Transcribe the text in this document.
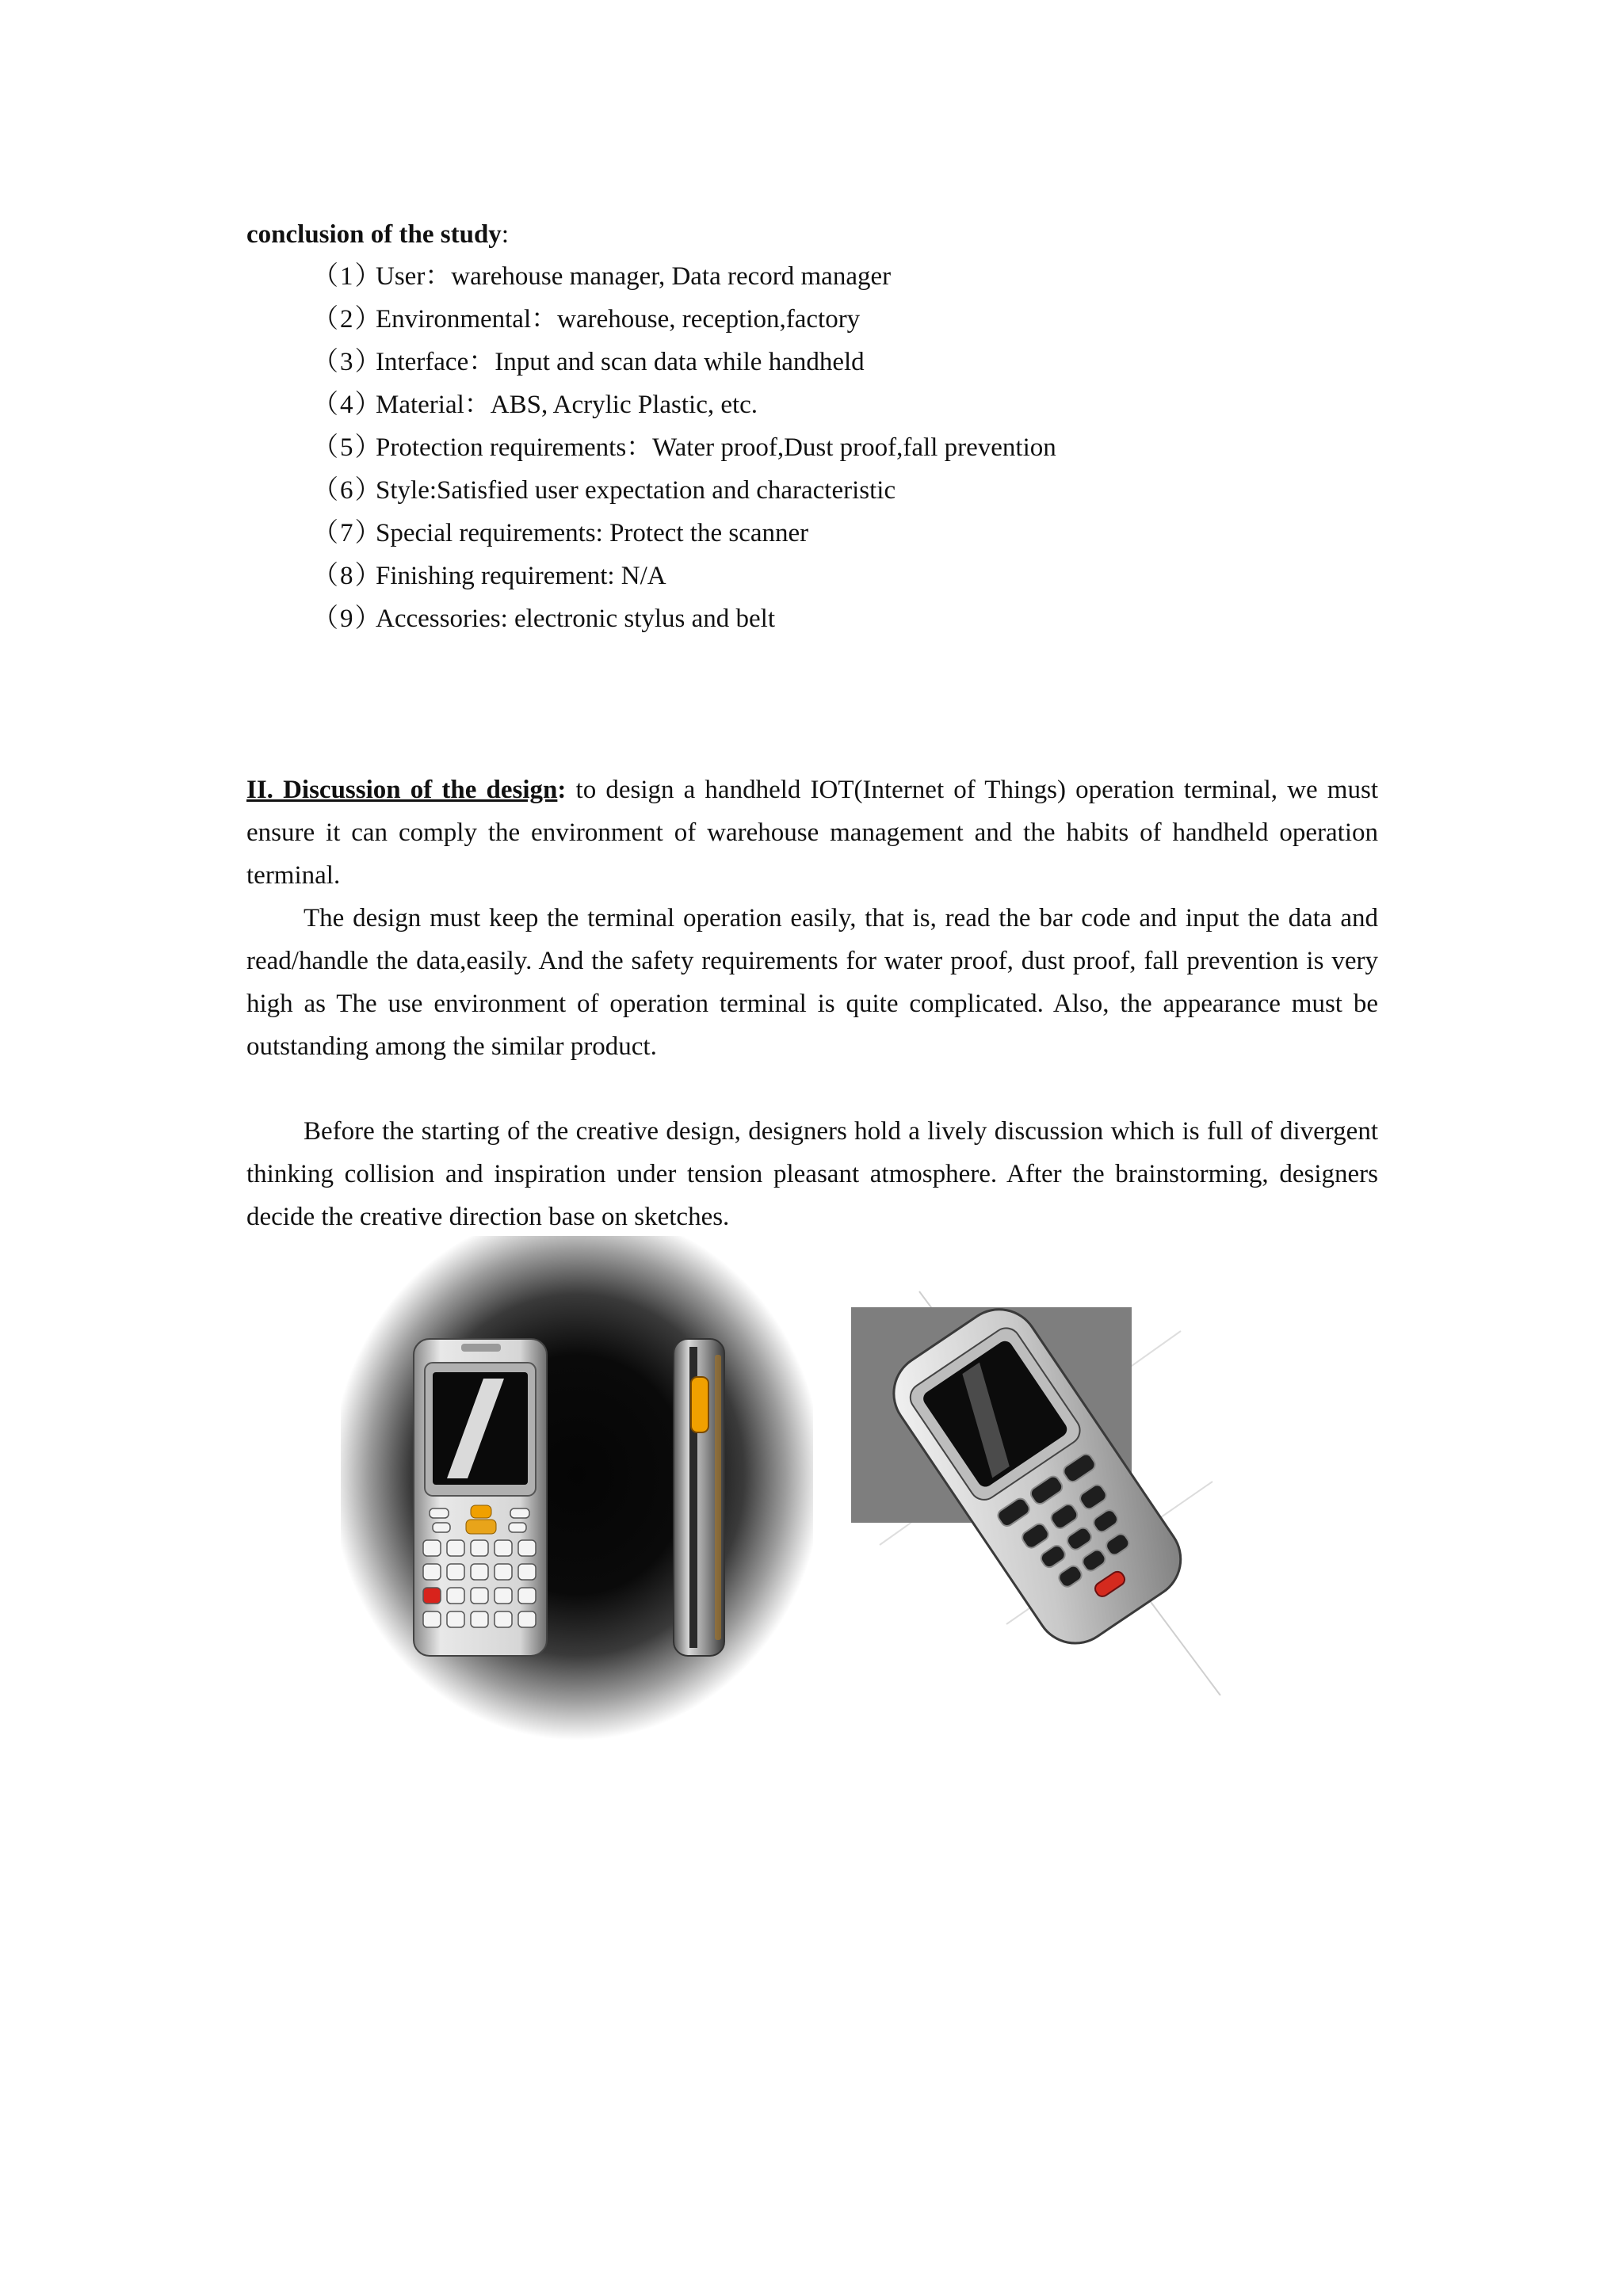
conclusion of the study:
（1）User：warehouse manager, Data record manager
（2）Environmental：warehouse, reception,factory
（3）Interface：Input and scan data while handheld
（4）Material：ABS, Acrylic Plastic, etc.
（5）Protection requirements：Water proof,Dust proof,fall prevention
（6）Style:Satisfied user expectation and characteristic
（7）Special requirements: Protect the scanner
（8）Finishing requirement: N/A
（9）Accessories: electronic stylus and belt

II. Discussion of the design: to design a handheld IOT(Internet of Things) operation terminal, we must ensure it can comply the environment of warehouse management and the habits of handheld operation terminal.

The design must keep the terminal operation easily, that is, read the bar code and input the data and read/handle the data,easily. And the safety requirements for water proof, dust proof, fall prevention is very high as The use environment of operation terminal is quite complicated. Also, the appearance must be outstanding among the similar product.

Before the starting of the creative design, designers hold a lively discussion which is full of divergent thinking collision and inspiration under tension pleasant atmosphere. After the brainstorming, designers decide the creative direction base on sketches.
